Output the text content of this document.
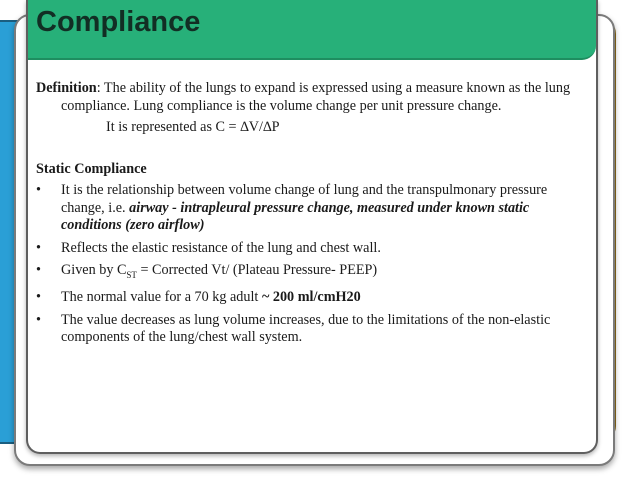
Compliance

Definition: The ability of the lungs to expand is expressed using a measure known as the lung compliance. Lung compliance is the volume change per unit pressure change.

It is represented as C = ∆V/∆P

Static Compliance

• It is the relationship between volume change of lung and the transpulmonary pressure change, i.e. airway - intrapleural pressure change, measured under known static conditions (zero airflow)
• Reflects the elastic resistance of the lung and chest wall.
• Given by $C_{ST}$ = Corrected Vt/ (Plateau Pressure- PEEP)
• The normal value for a 70 kg adult ~ 200 ml/cmH20
• The value decreases as lung volume increases, due to the limitations of the non-elastic components of the lung/chest wall system.
